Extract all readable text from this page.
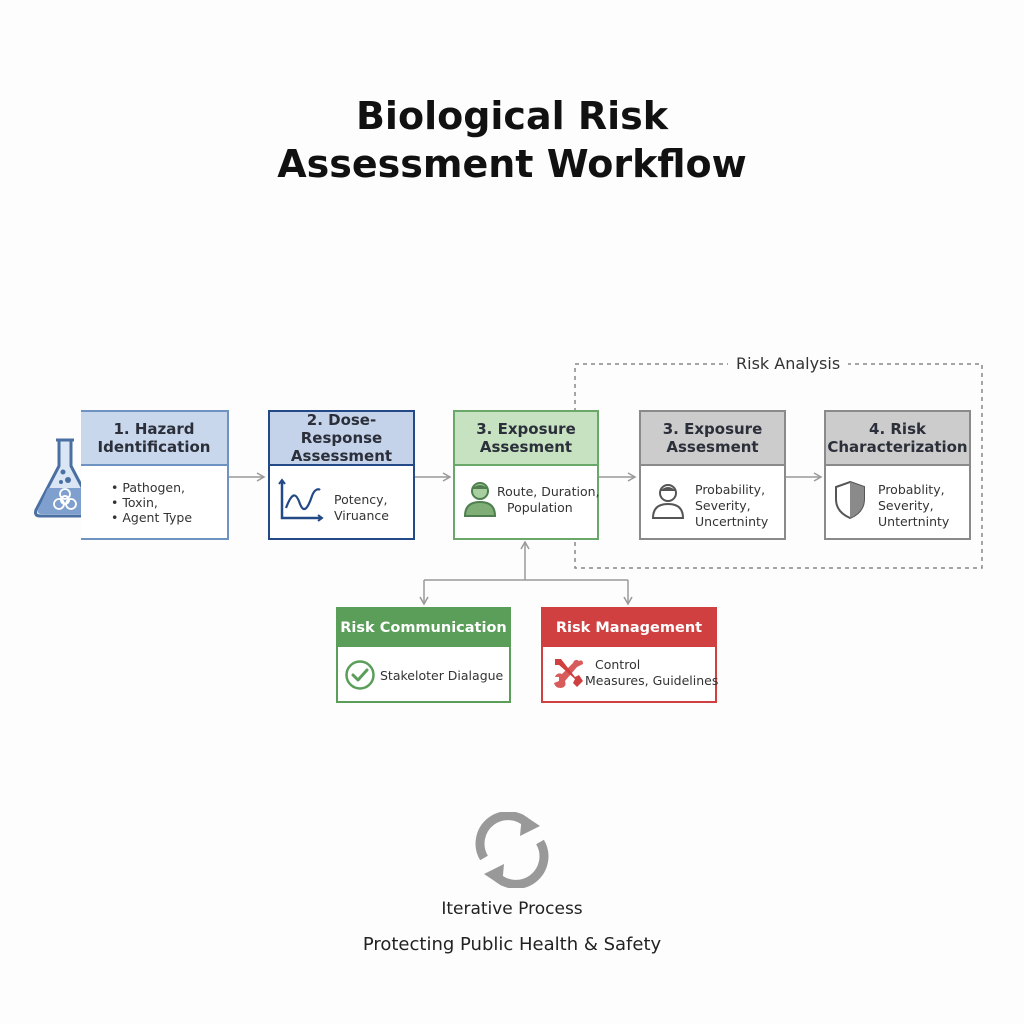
Biological Risk
Assessment Workflow
Risk Analysis
1. Hazard
Identification
• Pathogen,
• Toxin,
• Agent Type
2. Dose-Response
Assessment
Potency,
Viruance
3. Exposure
Assesment
Route, Duration,
Population
3. Exposure
Assesment
Probability,
Severity,
Uncertninty
4. Risk
Characterization
Probablity,
Severity,
Untertninty
Risk Communication
Stakeloter Dialague
Risk Management
Control
Measures, Guidelines
Iterative Process
Protecting Public Health & Safety
